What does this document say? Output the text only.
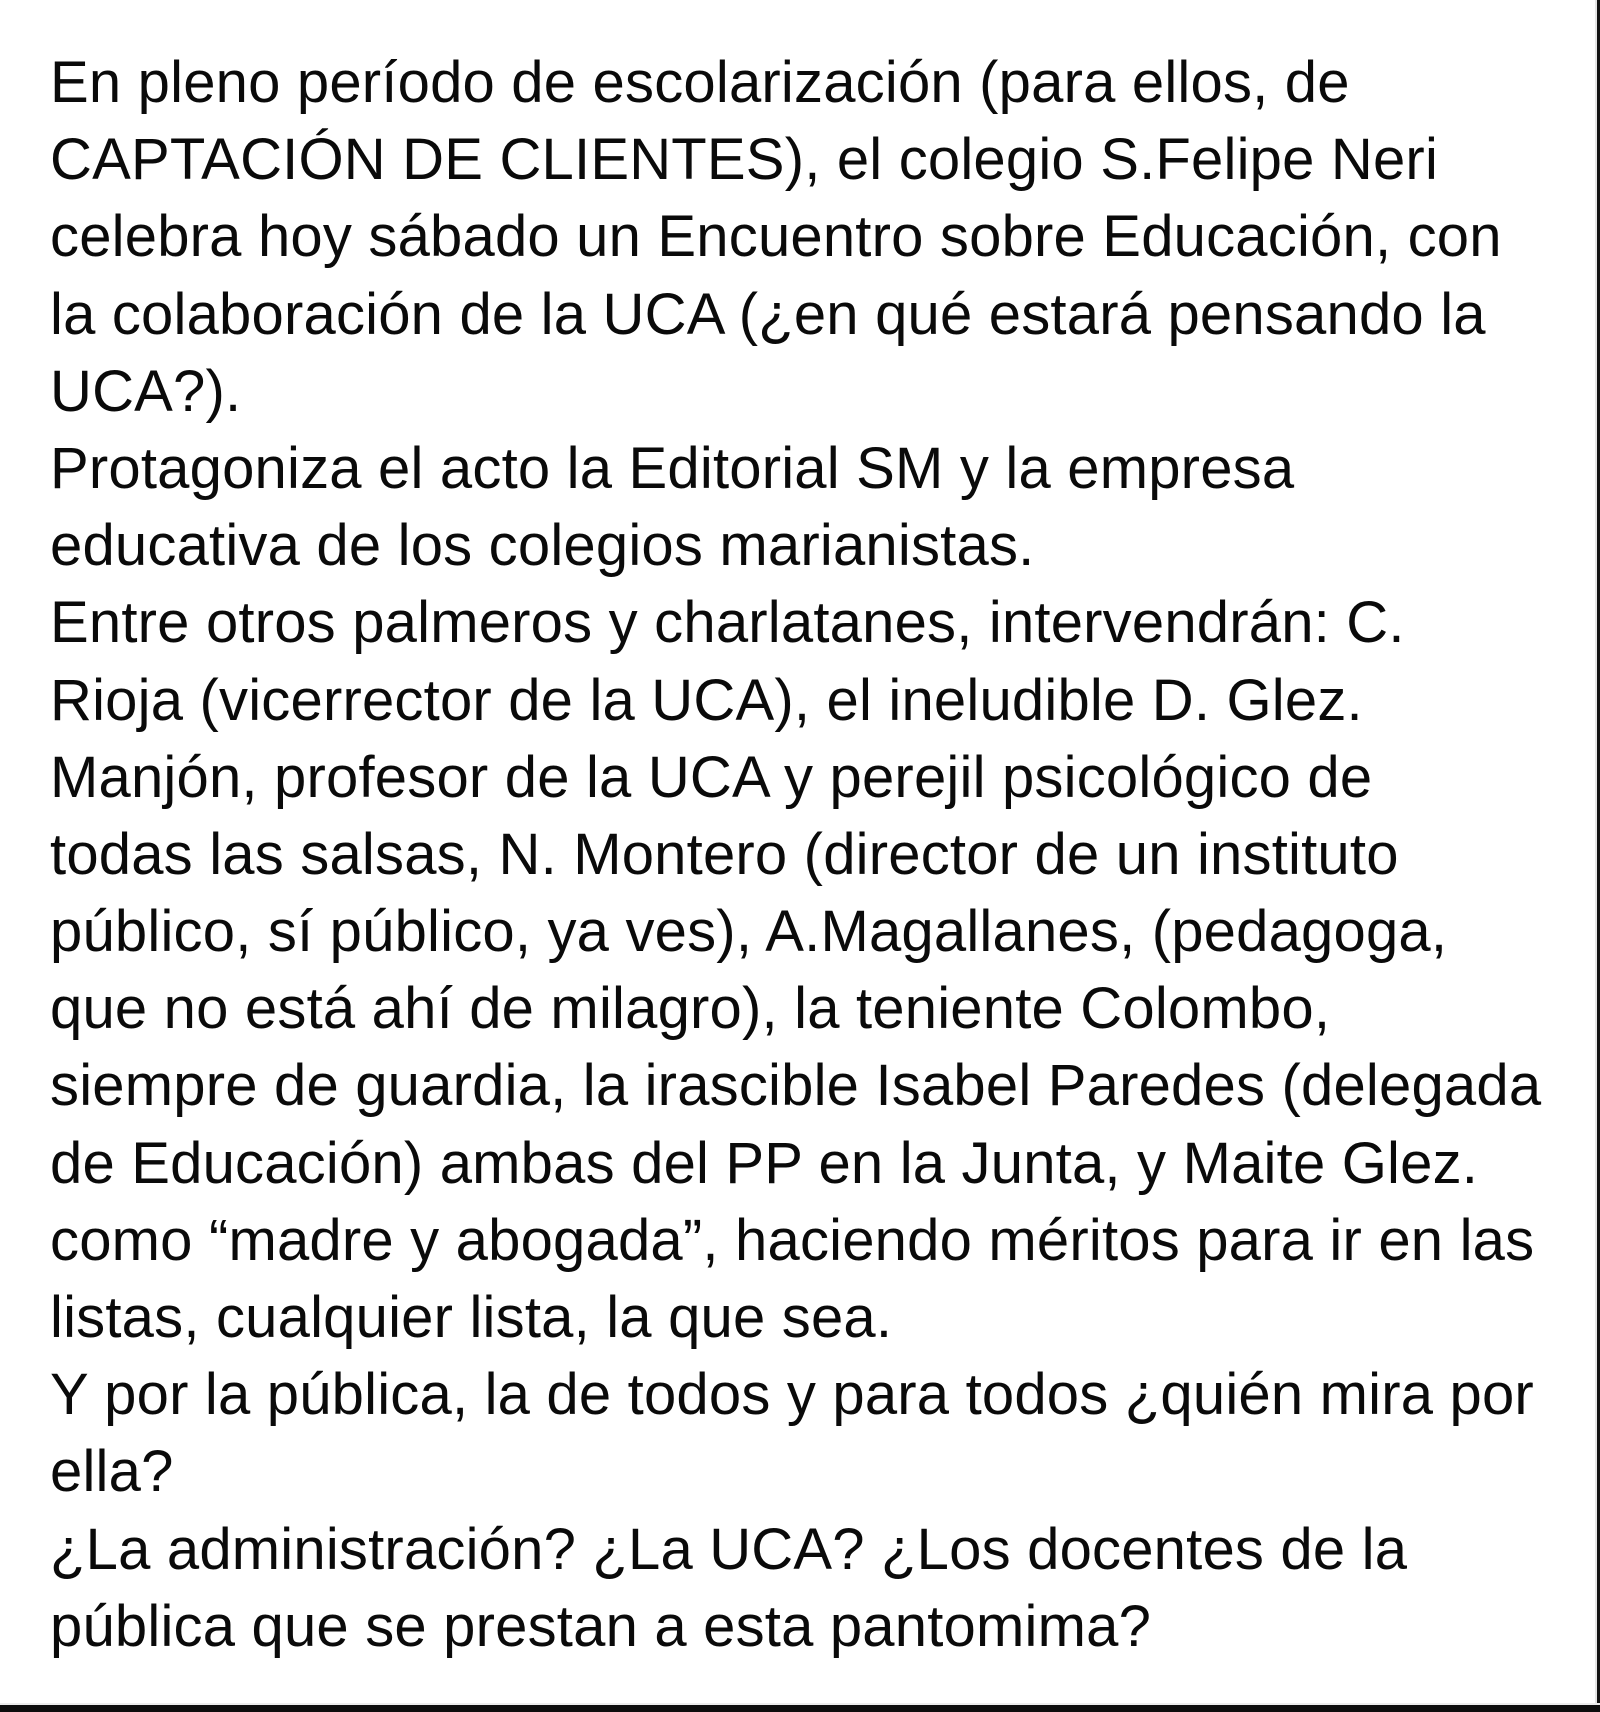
En pleno período de escolarización (para ellos, de
CAPTACIÓN DE CLIENTES), el colegio S.Felipe Neri
celebra hoy sábado un Encuentro sobre Educación, con
la colaboración de la UCA (¿en qué estará pensando la
UCA?).
Protagoniza el acto la Editorial SM y la empresa
educativa de los colegios marianistas.
Entre otros palmeros y charlatanes, intervendrán: C.
Rioja (vicerrector de la UCA), el ineludible D. Glez.
Manjón, profesor de la UCA y perejil psicológico de
todas las salsas, N. Montero (director de un instituto
público, sí público, ya ves), A.Magallanes, (pedagoga,
que no está ahí de milagro), la teniente Colombo,
siempre de guardia, la irascible Isabel Paredes (delegada
de Educación) ambas del PP en la Junta, y Maite Glez.
como “madre y abogada”, haciendo méritos para ir en las
listas, cualquier lista, la que sea.
Y por la pública, la de todos y para todos ¿quién mira por
ella?
¿La administración? ¿La UCA? ¿Los docentes de la
pública que se prestan a esta pantomima?
